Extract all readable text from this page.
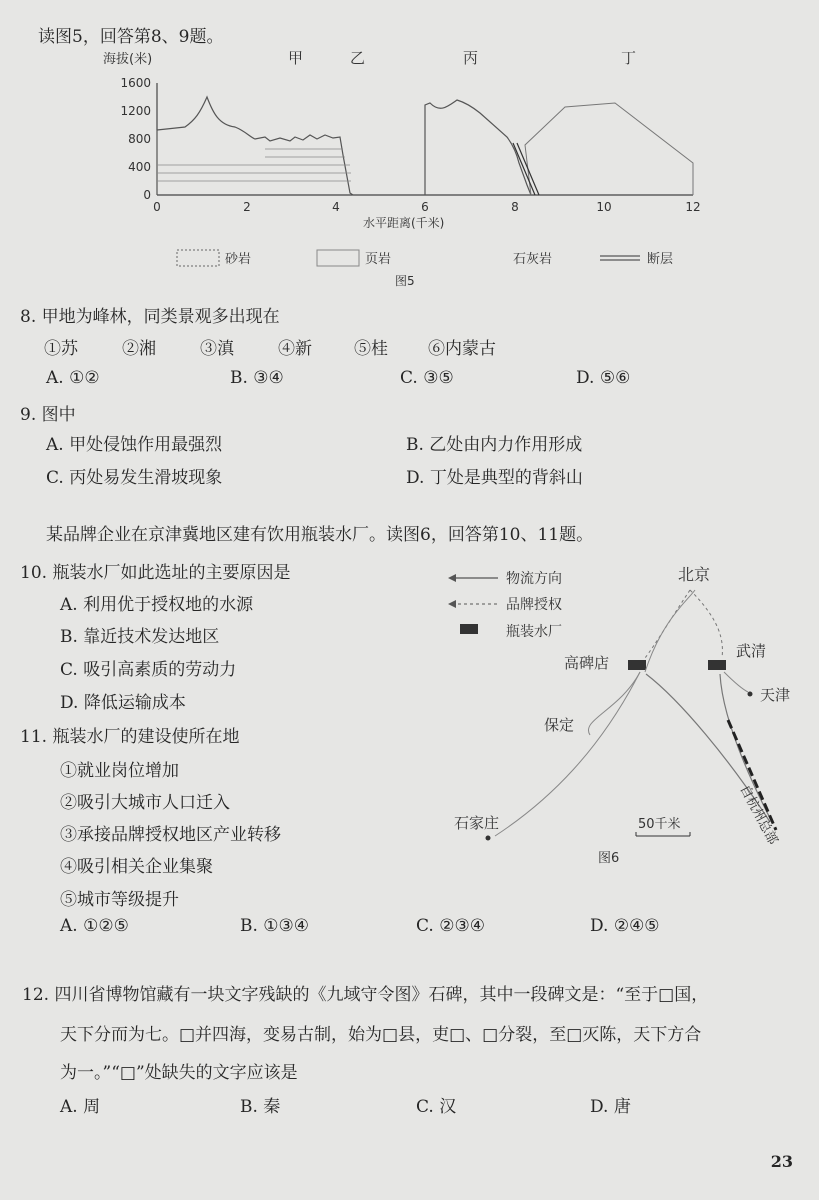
读图5，回答第8、9题。
海拔(米)	甲	乙	丙	丁
1600
1200
800
400
0
0	2	4	6	8	10	12
水平距离(千米)
砂岩	页岩	石灰岩	断层
图5
8. 甲地为峰林，同类景观多出现在
①苏	②湘	③滇	④新 ⑤桂 ⑥内蒙古
A. ①②	B. ③④	C. ③⑤	D. ⑤⑥
9. 图中
A. 甲处侵蚀作用最强烈	B. 乙处由内力作用形成
C. 丙处易发生滑坡现象	D. 丁处是典型的背斜山
某品牌企业在京津冀地区建有饮用瓶装水厂。读图6，回答第10、11题。
10. 瓶装水厂如此选址的主要原因是
A. 利用优于授权地的水源
B. 靠近技术发达地区
C. 吸引高素质的劳动力
D. 降低运输成本
11. 瓶装水厂的建设使所在地
①就业岗位增加
②吸引大城市人口迁入
③承接品牌授权地区产业转移
④吸引相关企业集聚
⑤城市等级提升
A. ①②⑤	B. ①③④	C. ②③④	D. ②④⑤
物流方向
品牌授权
瓶装水厂
北京
武清
高碑店
天津
保定
石家庄	自杭州总部
50千米
图6
12. 四川省博物馆藏有一块文字残缺的《九域守令图》石碑，其中一段碑文是：“至于□国，
天下分而为七。□并四海，变易古制，始为□县，吏□、□分裂，至□灭陈，天下方合
为一。”“□”处缺失的文字应该是
A. 周	B. 秦	C. 汉	D. 唐
23
